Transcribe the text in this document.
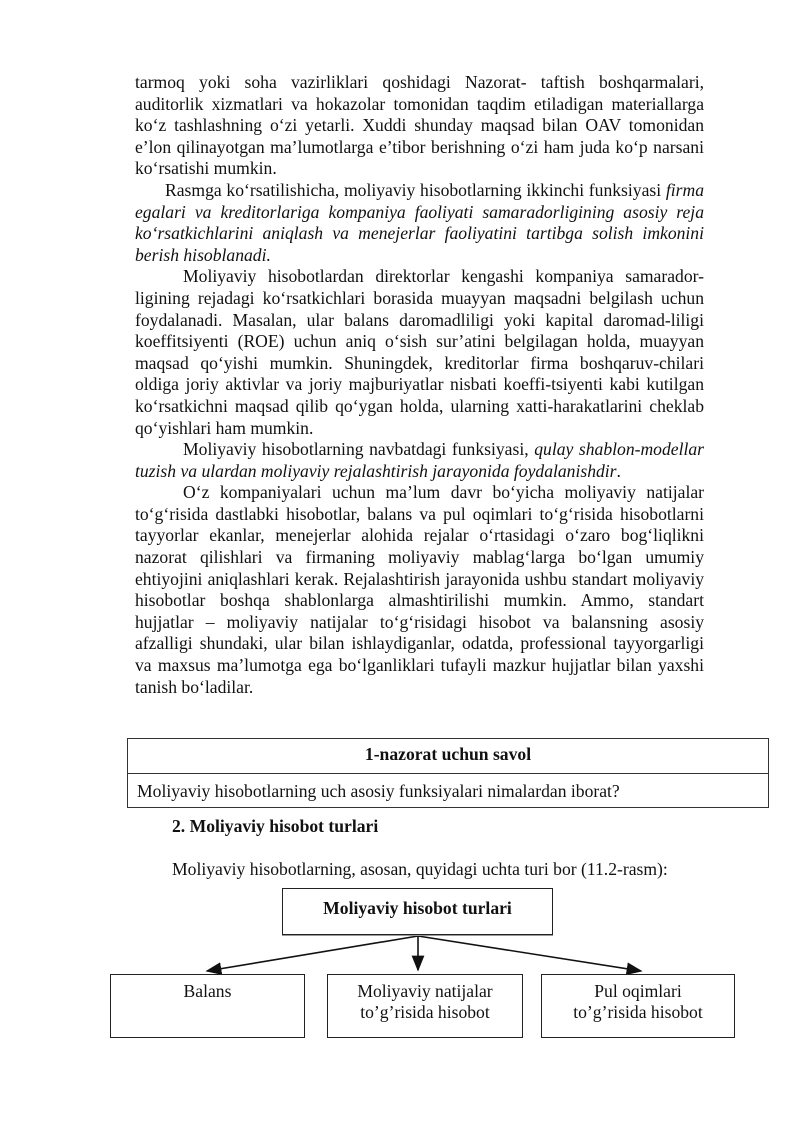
tarmoq yoki soha vazirliklari qoshidagi Nazorat- taftish boshqarmalari, auditorlik xizmatlari va hokazolar tomonidan taqdim etiladigan materiallarga ko‘z tashlashning o‘zi yetarli. Xuddi shunday maqsad bilan OAV tomonidan e’lon qilinayotgan ma’lumotlarga e’tibor berishning o‘zi ham juda ko‘p narsani ko‘rsatishi mumkin.

Rasmga ko‘rsatilishicha, moliyaviy hisobotlarning ikkinchi funksiyasi firma egalari va kreditorlariga kompaniya faoliyati samaradorligining asosiy reja ko‘rsatkichlarini aniqlash va menejerlar faoliyatini tartibga solish imkonini berish hisoblanadi.

Moliyaviy hisobotlardan direktorlar kengashi kompaniya samarador-ligining rejadagi ko‘rsatkichlari borasida muayyan maqsadni belgilash uchun foydalanadi. Masalan, ular balans daromadliligi yoki kapital daromad-liligi koeffitsiyenti (ROE) uchun aniq o‘sish sur’atini belgilagan holda, muayyan maqsad qo‘yishi mumkin. Shuningdek, kreditorlar firma boshqaruv-chilari oldiga joriy aktivlar va joriy majburiyatlar nisbati koeffi-tsiyenti kabi kutilgan ko‘rsatkichni maqsad qilib qo‘ygan holda, ularning xatti-harakatlarini cheklab qo‘yishlari ham mumkin.

Moliyaviy hisobotlarning navbatdagi funksiyasi, qulay shablon-modellar tuzish va ulardan moliyaviy rejalashtirish jarayonida foydalanishdir.

O‘z kompaniyalari uchun ma’lum davr bo‘yicha moliyaviy natijalar to‘g‘risida dastlabki hisobotlar, balans va pul oqimlari to‘g‘risida hisobotlarni tayyorlar ekanlar, menejerlar alohida rejalar o‘rtasidagi o‘zaro bog‘liqlikni nazorat qilishlari va firmaning moliyaviy mablag‘larga bo‘lgan umumiy ehtiyojini aniqlashlari kerak. Rejalashtirish jarayonida ushbu standart moliyaviy hisobotlar boshqa shablonlarga almashtirilishi mumkin. Ammo, standart hujjatlar – moliyaviy natijalar to‘g‘risidagi hisobot va balansning asosiy afzalligi shundaki, ular bilan ishlaydiganlar, odatda, professional tayyorgarligi va maxsus ma’lumotga ega bo‘lganliklari tufayli mazkur hujjatlar bilan yaxshi tanish bo‘ladilar.

1-nazorat uchun savol
Moliyaviy hisobotlarning uch asosiy funksiyalari nimalardan iborat?
2. Moliyaviy hisobot turlari
Moliyaviy hisobotlarning, asosan, quyidagi uchta turi bor (11.2-rasm):
Moliyaviy hisobot turlari
Balans	Moliyaviy natijalar
to’g’risida hisobot
Pul oqimlari
to’g’risida hisobot
